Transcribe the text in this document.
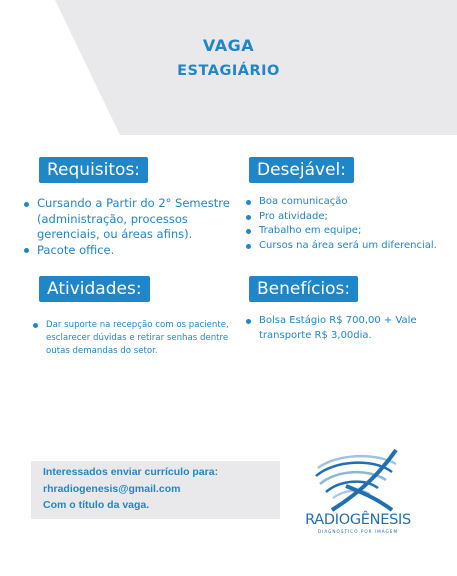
VAGA
ESTAGIÁRIO
Requisitos:
Cursando a Partir do 2° Semestre (administração, processos gerenciais, ou áreas afins).
Pacote office.
Desejável:
Boa comunicação
Pro atividade;
Trabalho em equipe;
Cursos na área será um diferencial.
Atividades:
Dar suporte na recepção com os paciente, esclarecer dúvidas e retirar senhas dentre outas demandas do setor.
Benefícios:
Bolsa Estágio R$ 700,00 + Vale transporte R$ 3,00dia.
Interessados enviar currículo para:
rhradiogenesis@gmail.com
Com o título da vaga.
RADIOGÊNESIS
DIAGNÓSTICO POR IMAGEM
